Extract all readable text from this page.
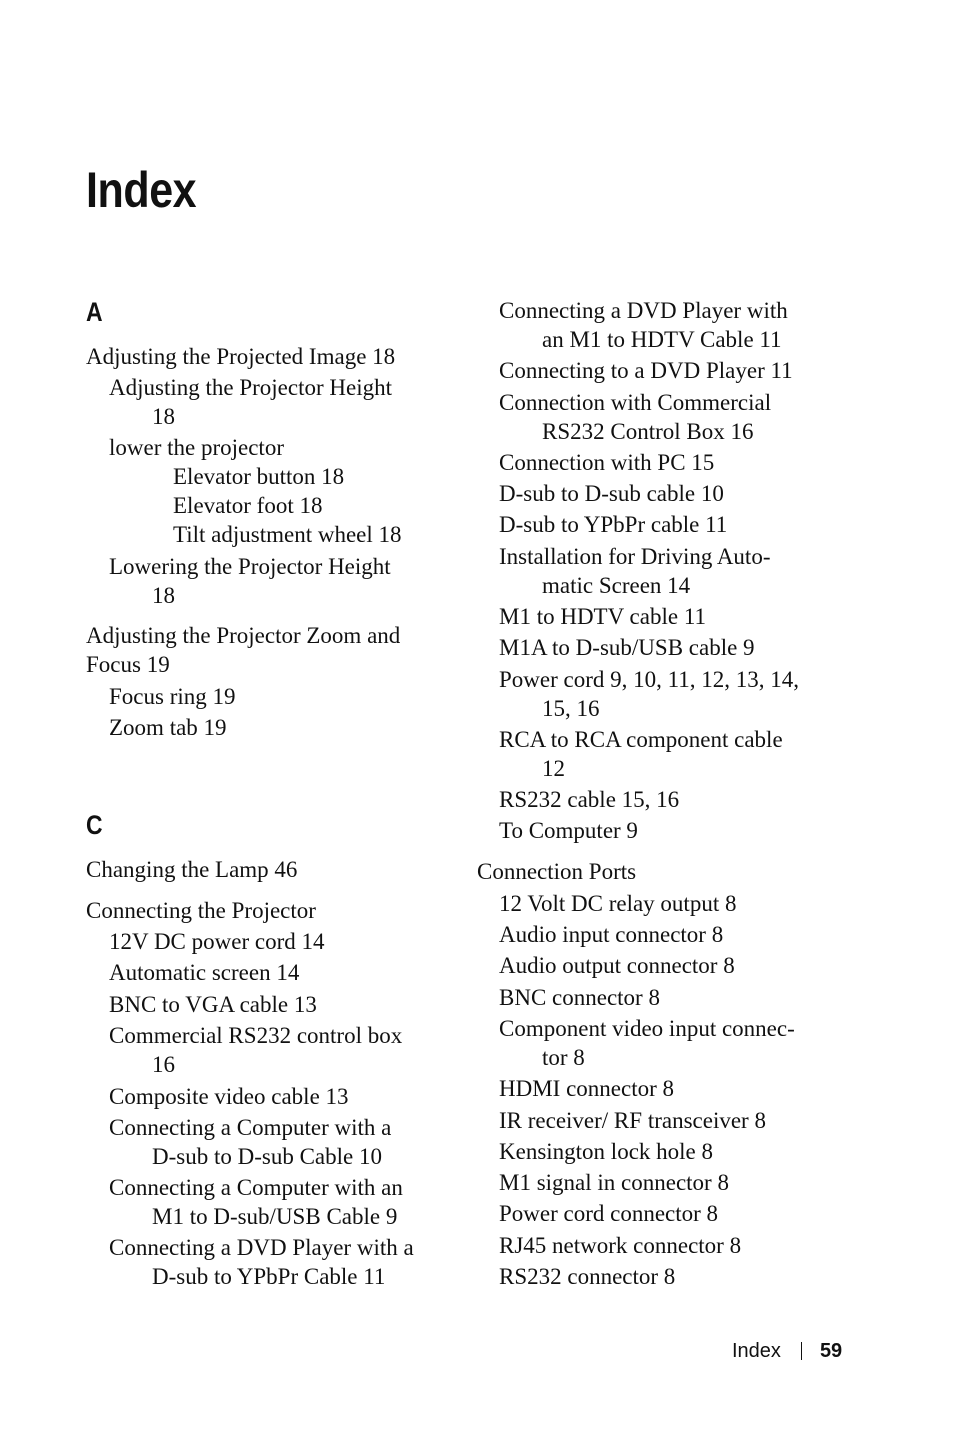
Index
A
C
Adjusting the Projected Image 18
Adjusting the Projector Height
18
lower the projector
Elevator button 18
Elevator foot 18
Tilt adjustment wheel 18
Lowering the Projector Height
18
Adjusting the Projector Zoom and
Focus 19
Focus ring 19
Zoom tab 19
Changing the Lamp 46
Connecting the Projector
12V DC power cord 14
Automatic screen 14
BNC to VGA cable 13
Commercial RS232 control box
16
Composite video cable 13
Connecting a Computer with a
D-sub to D-sub Cable 10
Connecting a Computer with an
M1 to D-sub/USB Cable 9
Connecting a DVD Player with a
D-sub to YPbPr Cable 11
Connecting a DVD Player with
an M1 to HDTV Cable 11
Connecting to a DVD Player 11
Connection with Commercial
RS232 Control Box 16
Connection with PC 15
D-sub to D-sub cable 10
D-sub to YPbPr cable 11
Installation for Driving Auto-
matic Screen 14
M1 to HDTV cable 11
M1A to D-sub/USB cable 9
Power cord 9, 10, 11, 12, 13, 14,
15, 16
RCA to RCA component cable
12
RS232 cable 15, 16
To Computer 9
Connection Ports
12 Volt DC relay output 8
Audio input connector 8
Audio output connector 8
BNC connector 8
Component video input connec-
tor 8
HDMI connector 8
IR receiver/ RF transceiver 8
Kensington lock hole 8
M1 signal in connector 8
Power cord connector 8
RJ45 network connector 8
RS232 connector 8
Index 59
